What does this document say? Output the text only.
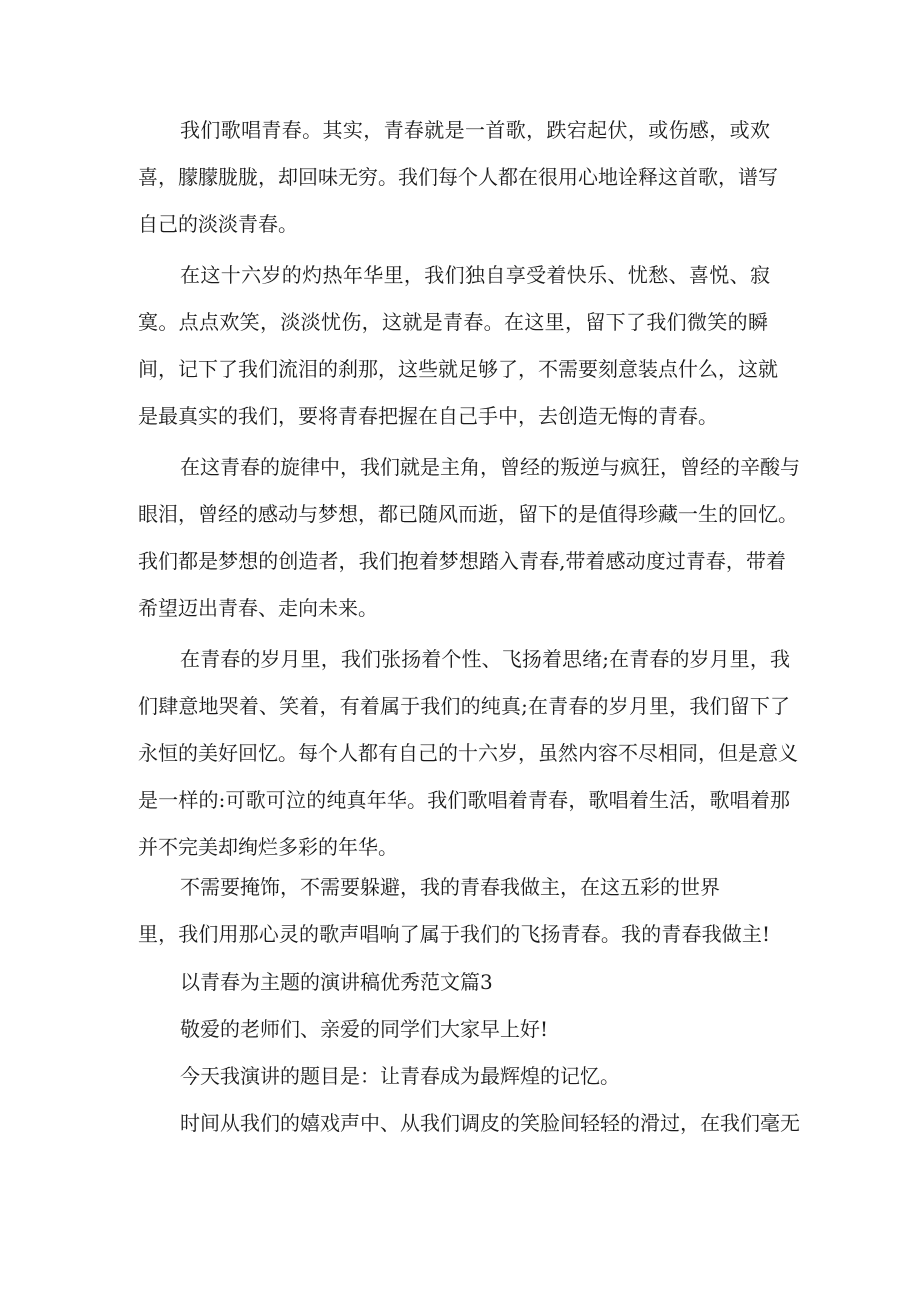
我们歌唱青春。其实，青春就是一首歌，跌宕起伏，或伤感，或欢
喜，朦朦胧胧，却回味无穷。我们每个人都在很用心地诠释这首歌，谱写
自己的淡淡青春。
在这十六岁的灼热年华里，我们独自享受着快乐、忧愁、喜悦、寂
寞。点点欢笑，淡淡忧伤，这就是青春。在这里，留下了我们微笑的瞬
间，记下了我们流泪的刹那，这些就足够了，不需要刻意装点什么，这就
是最真实的我们，要将青春把握在自己手中，去创造无悔的青春。
在这青春的旋律中，我们就是主角，曾经的叛逆与疯狂，曾经的辛酸与
眼泪，曾经的感动与梦想，都已随风而逝，留下的是值得珍藏一生的回忆。
我们都是梦想的创造者，我们抱着梦想踏入青春,带着感动度过青春，带着
希望迈出青春、走向未来。
在青春的岁月里，我们张扬着个性、飞扬着思绪;在青春的岁月里，我
们肆意地哭着、笑着，有着属于我们的纯真;在青春的岁月里，我们留下了
永恒的美好回忆。每个人都有自己的十六岁，虽然内容不尽相同，但是意义
是一样的:可歌可泣的纯真年华。我们歌唱着青春，歌唱着生活，歌唱着那
并不完美却绚烂多彩的年华。
不需要掩饰，不需要躲避，我的青春我做主，在这五彩的世界
里，我们用那心灵的歌声唱响了属于我们的飞扬青春。我的青春我做主!
以青春为主题的演讲稿优秀范文篇3
敬爱的老师们、亲爱的同学们大家早上好!
今天我演讲的题目是：让青春成为最辉煌的记忆。
时间从我们的嬉戏声中、从我们调皮的笑脸间轻轻的滑过，在我们毫无
